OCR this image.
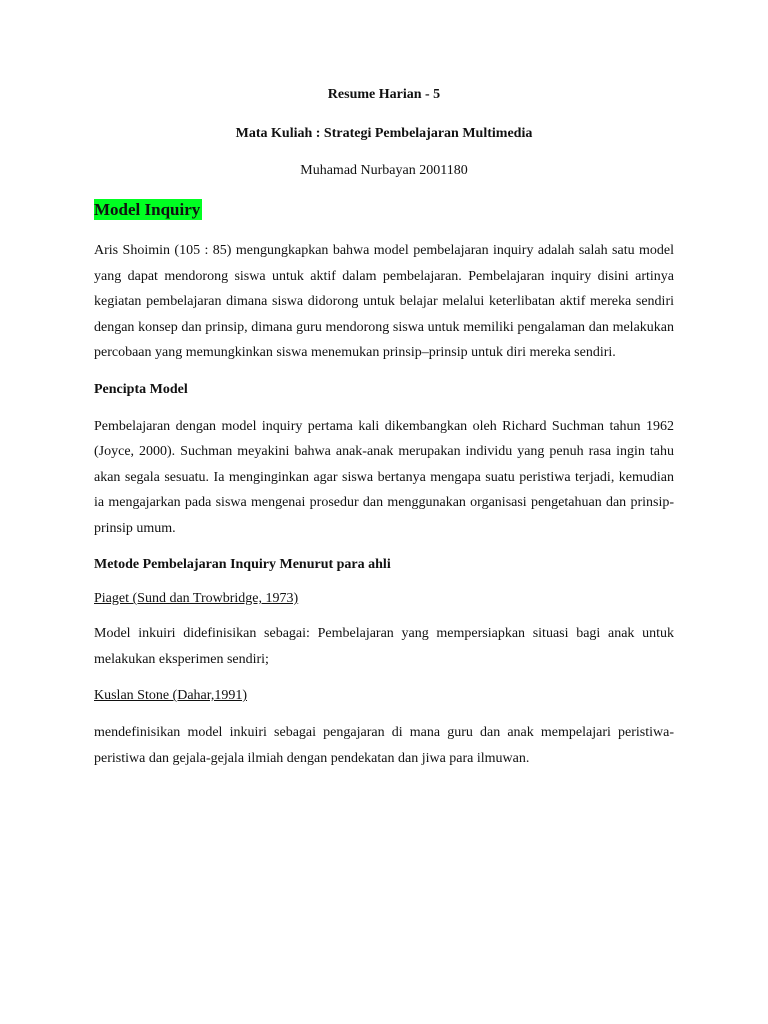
Resume Harian - 5
Mata Kuliah : Strategi Pembelajaran Multimedia
Muhamad Nurbayan 2001180
Model Inquiry

Aris Shoimin (105 : 85) mengungkapkan bahwa model pembelajaran inquiry adalah salah satu model yang dapat mendorong siswa untuk aktif dalam pembelajaran. Pembelajaran inquiry disini artinya kegiatan pembelajaran dimana siswa didorong untuk belajar melalui keterlibatan aktif mereka sendiri dengan konsep dan prinsip, dimana guru mendorong siswa untuk memiliki pengalaman dan melakukan percobaan yang memungkinkan siswa menemukan prinsip–prinsip untuk diri mereka sendiri.

Pencipta Model

Pembelajaran dengan model inquiry pertama kali dikembangkan oleh Richard Suchman tahun 1962 (Joyce, 2000). Suchman meyakini bahwa anak-anak merupakan individu yang penuh rasa ingin tahu akan segala sesuatu. Ia menginginkan agar siswa bertanya mengapa suatu peristiwa terjadi, kemudian ia mengajarkan pada siswa mengenai prosedur dan menggunakan organisasi pengetahuan dan prinsip-prinsip umum.

Metode Pembelajaran Inquiry Menurut para ahli
Piaget (Sund dan Trowbridge, 1973)

Model inkuiri didefinisikan sebagai: Pembelajaran yang mempersiapkan situasi bagi anak untuk melakukan eksperimen sendiri;

Kuslan Stone (Dahar,1991)

mendefinisikan model inkuiri sebagai pengajaran di mana guru dan anak mempelajari peristiwa-peristiwa dan gejala-gejala ilmiah dengan pendekatan dan jiwa para ilmuwan.
